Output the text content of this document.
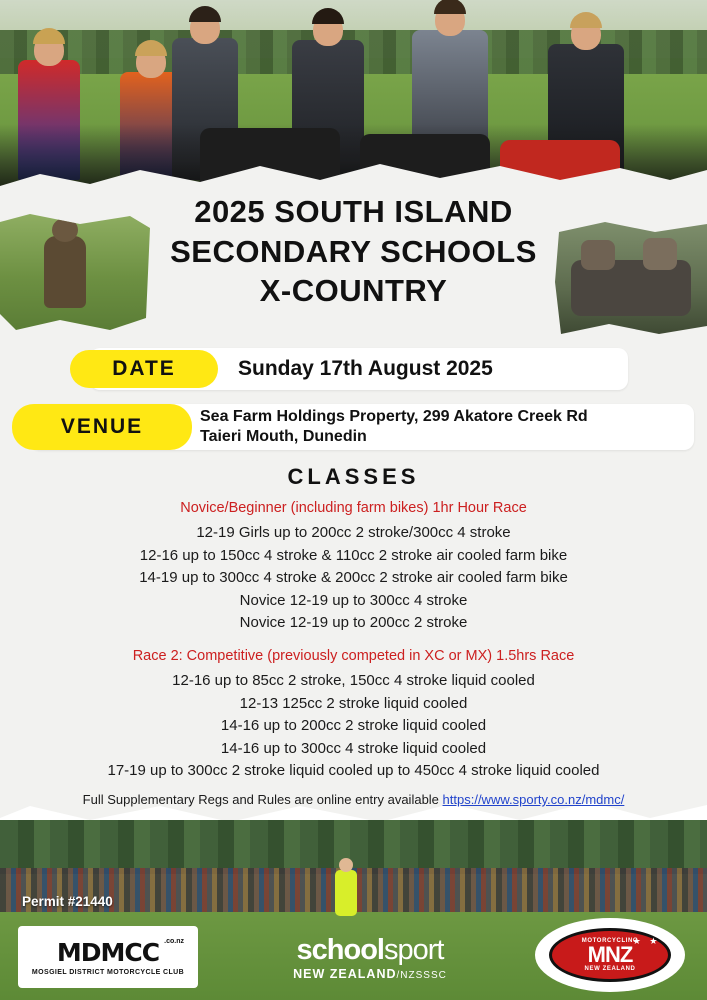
2025 SOUTH ISLAND
SECONDARY SCHOOLS
X-COUNTRY
Sunday 17th August 2025
DATE
Sea Farm Holdings Property, 299 Akatore Creek Rd
Taieri Mouth, Dunedin
VENUE
CLASSES
Novice/Beginner (including farm bikes) 1hr Hour Race
12-19 Girls up to 200cc 2 stroke/300cc 4 stroke
12-16 up to 150cc 4 stroke & 110cc 2 stroke air cooled farm bike
14-19 up to 300cc 4 stroke & 200cc 2 stroke air cooled farm bike
Novice 12-19 up to 300cc 4 stroke
Novice 12-19 up to 200cc 2 stroke
Race 2: Competitive (previously competed in XC or MX) 1.5hrs Race
12-16 up to 85cc 2 stroke, 150cc 4 stroke liquid cooled
12-13 125cc 2 stroke liquid cooled
14-16 up to 200cc 2 stroke liquid cooled
14-16 up to 300cc 4 stroke liquid cooled
17-19 up to 300cc 2 stroke liquid cooled up to 450cc 4 stroke liquid cooled
Full Supplementary Regs and Rules are online entry available https://www.sporty.co.nz/mdmc/
Permit #21440
MDMCC .co.nz
MOSGIEL DISTRICT MOTORCYCLE CLUB
schoolsport
NEW ZEALAND/NZSSSC
MOTORCYCLING
MNZ
NEW ZEALAND
★ ★ ★
